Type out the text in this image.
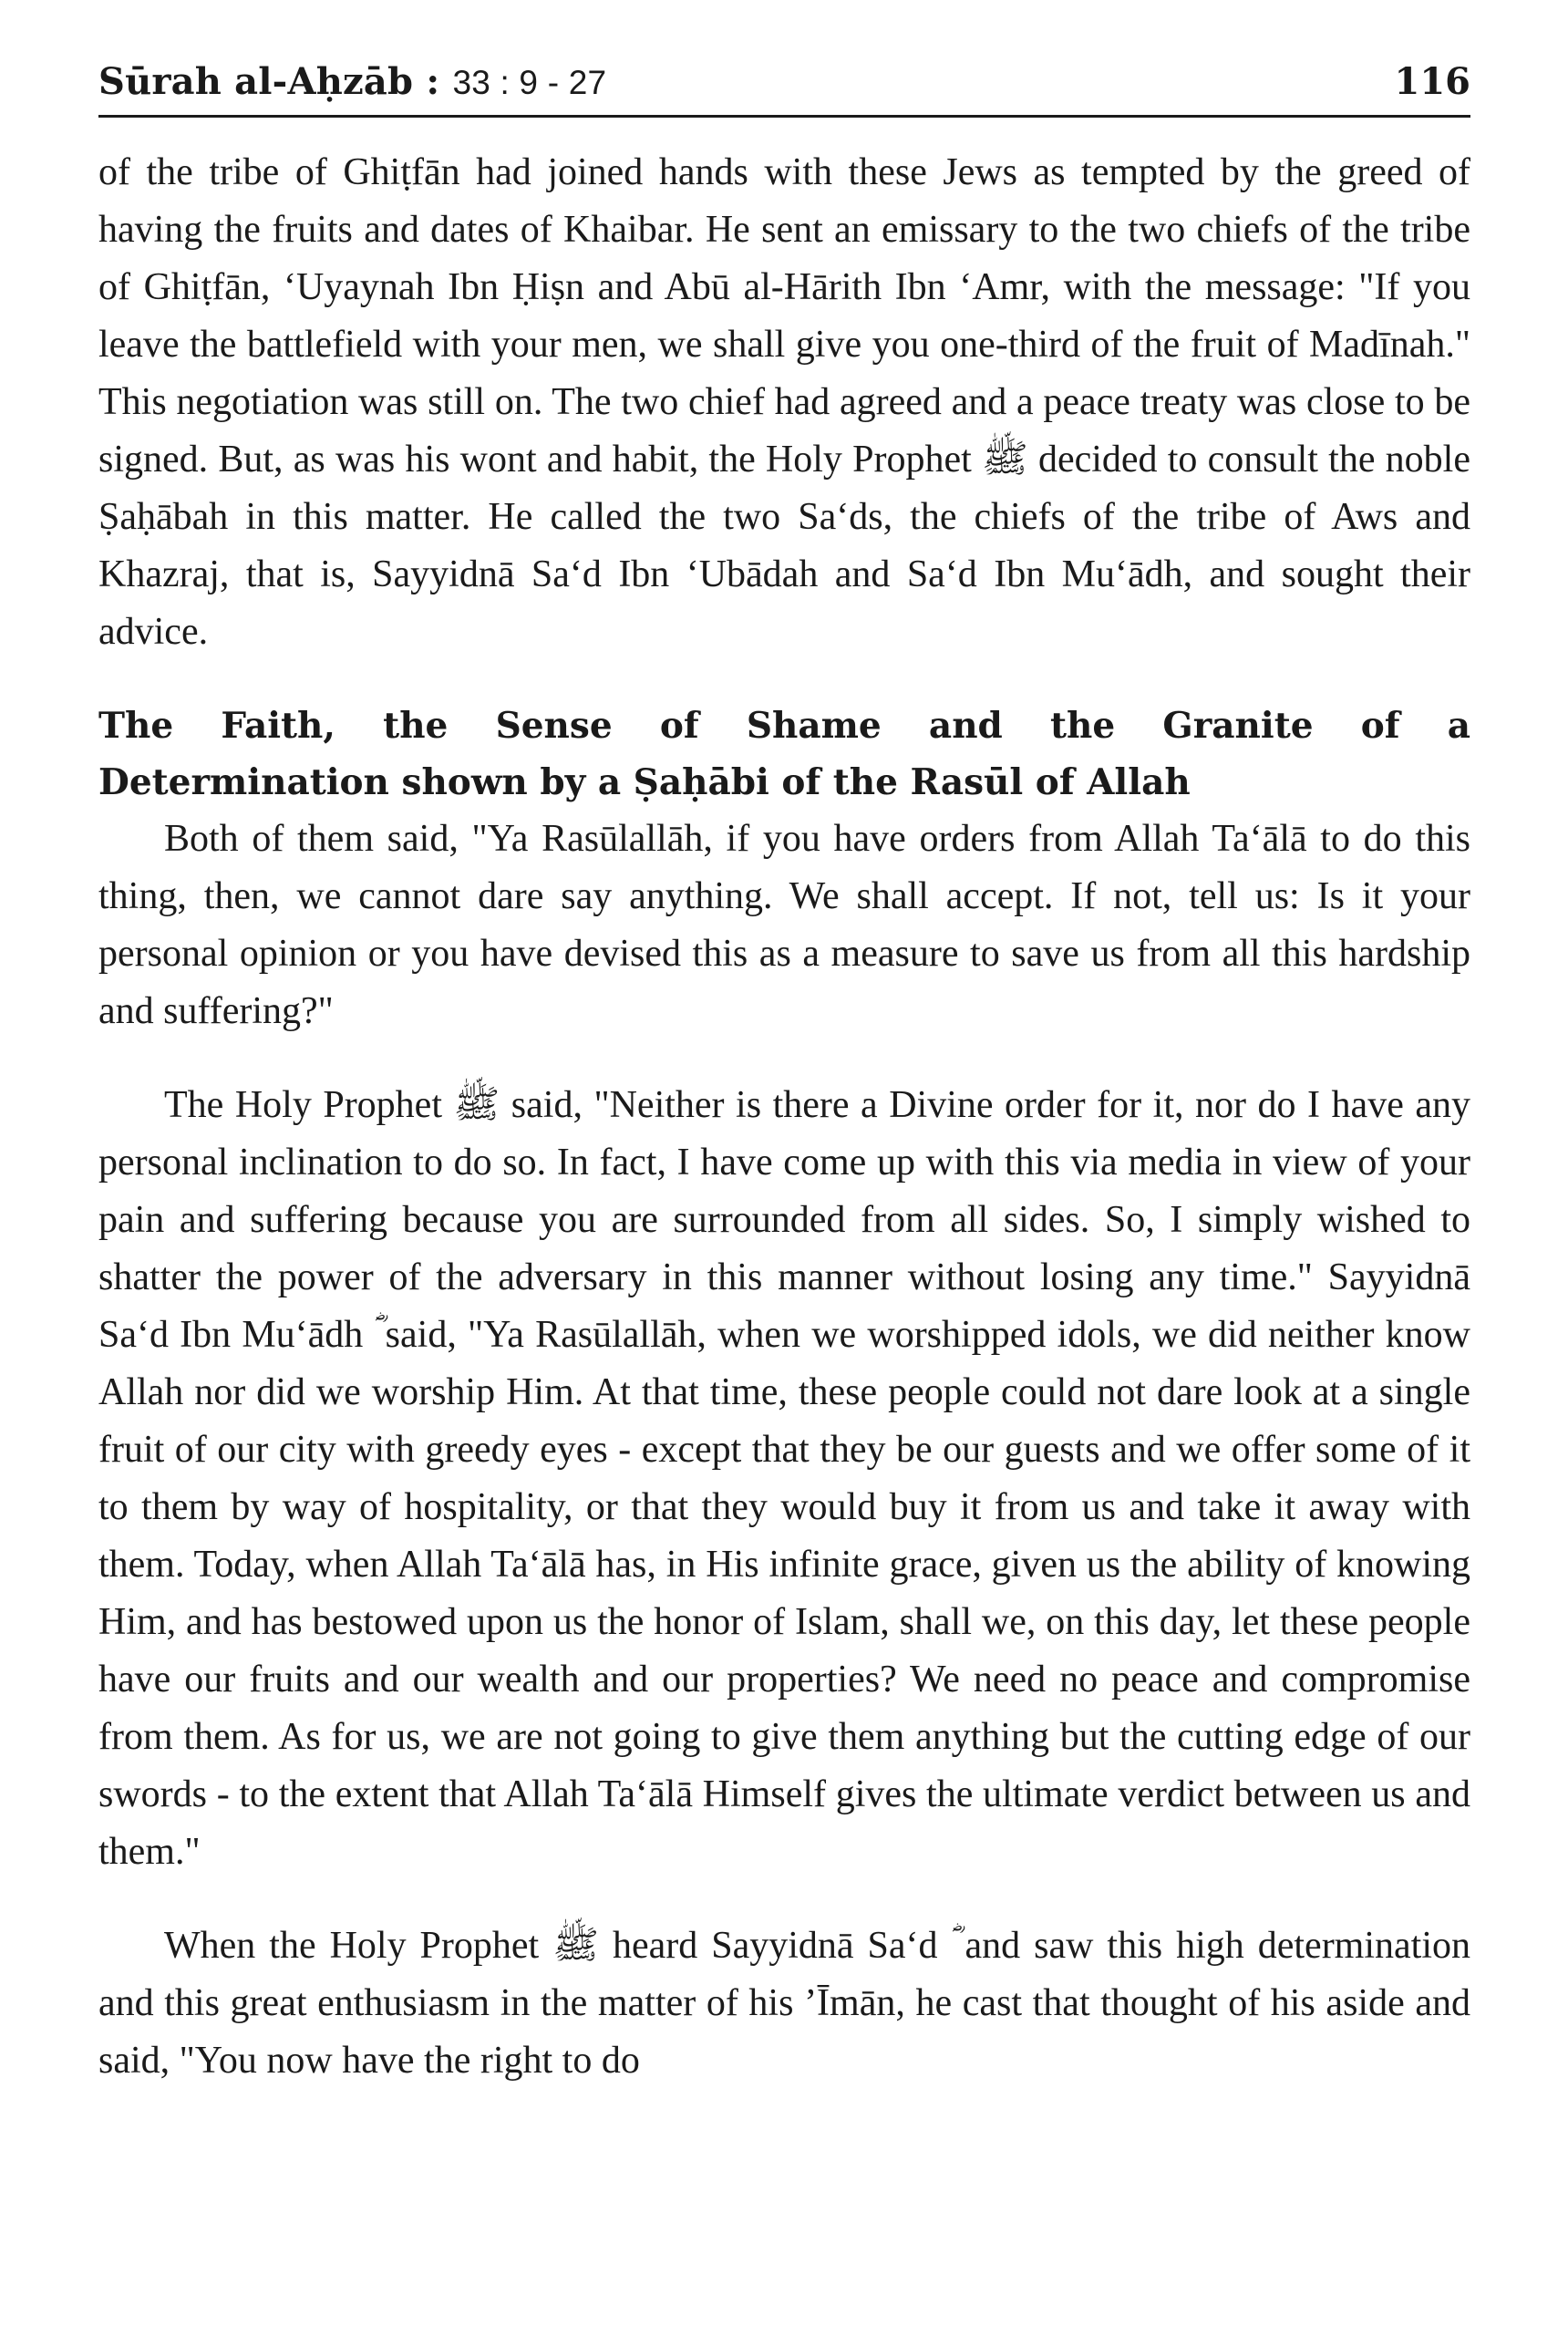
Sūrah al-Aḥzāb : 33 : 9 - 27	116

of the tribe of Ghiṭfān had joined hands with these Jews as tempted by the greed of having the fruits and dates of Khaibar. He sent an emissary to the two chiefs of the tribe of Ghiṭfān, ‘Uyaynah Ibn Ḥiṣn and Abū al-Hārith Ibn ‘Amr, with the message: "If you leave the battlefield with your men, we shall give you one-third of the fruit of Madīnah." This negotiation was still on. The two chief had agreed and a peace treaty was close to be signed. But, as was his wont and habit, the Holy Prophet ﷺ decided to consult the noble Ṣaḥābah in this matter. He called the two Sa‘ds, the chiefs of the tribe of Aws and Khazraj, that is, Sayyidnā Sa‘d Ibn ‘Ubādah and Sa‘d Ibn Mu‘ādh, and sought their advice.

The Faith, the Sense of Shame and the Granite of a
Determination shown by a Ṣaḥābi of the Rasūl of Allah

Both of them said, "Ya Rasūlallāh, if you have orders from Allah Ta‘ālā to do this thing, then, we cannot dare say anything. We shall accept. If not, tell us: Is it your personal opinion or you have devised this as a measure to save us from all this hardship and suffering?"

The Holy Prophet ﷺ said, "Neither is there a Divine order for it, nor do I have any personal inclination to do so. In fact, I have come up with this via media in view of your pain and suffering because you are surrounded from all sides. So, I simply wished to shatter the power of the adversary in this manner without losing any time." Sayyidnā Sa‘d Ibn Mu‘ādh ؓ said, "Ya Rasūlallāh, when we worshipped idols, we did neither know Allah nor did we worship Him. At that time, these people could not dare look at a single fruit of our city with greedy eyes - except that they be our guests and we offer some of it to them by way of hospitality, or that they would buy it from us and take it away with them. Today, when Allah Ta‘ālā has, in His infinite grace, given us the ability of knowing Him, and has bestowed upon us the honor of Islam, shall we, on this day, let these people have our fruits and our wealth and our properties? We need no peace and compromise from them. As for us, we are not going to give them anything but the cutting edge of our swords - to the extent that Allah Ta‘ālā Himself gives the ultimate verdict between us and them."

When the Holy Prophet ﷺ heard Sayyidnā Sa‘d ؓ and saw this high determination and this great enthusiasm in the matter of his ’Īmān, he cast that thought of his aside and said, "You now have the right to do
